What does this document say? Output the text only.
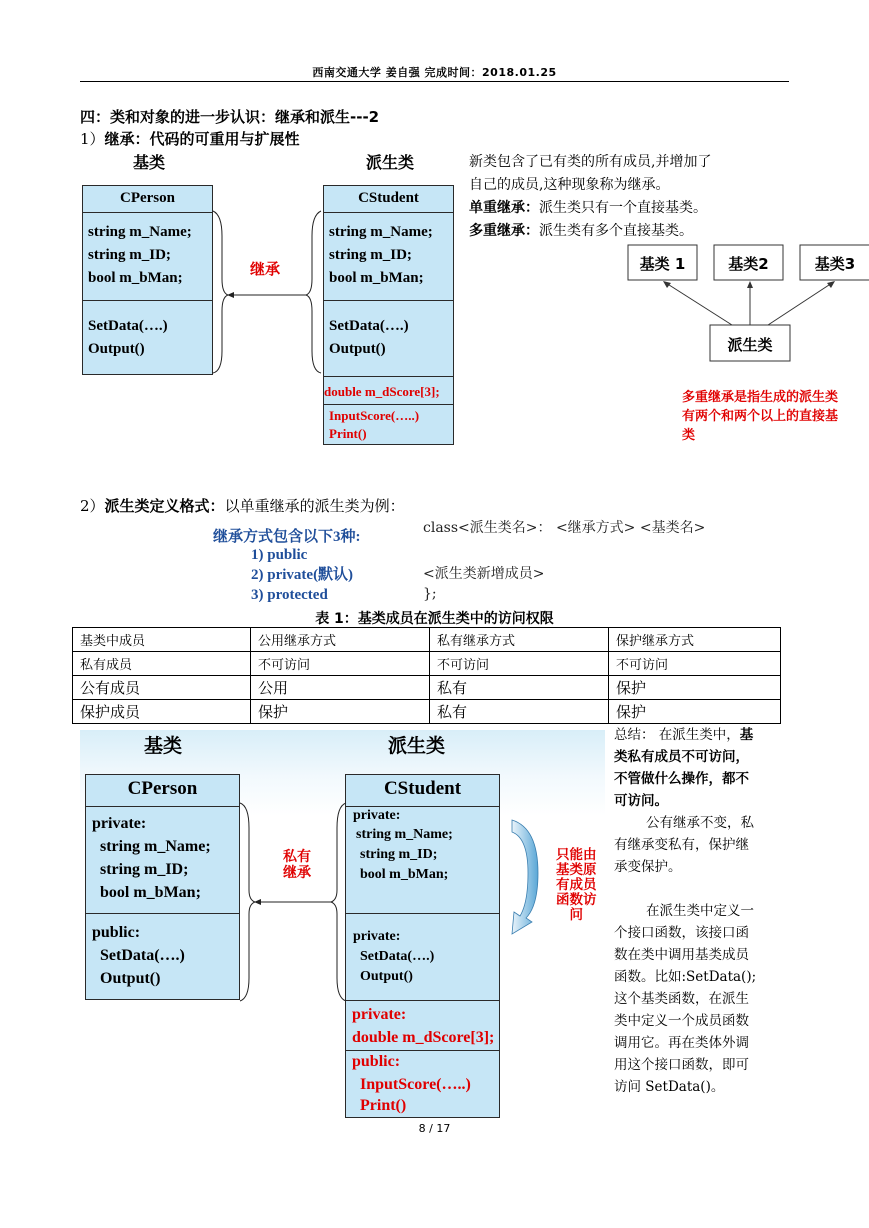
西南交通大学 姜自强 完成时间：2018.01.25
四：类和对象的进一步认识：继承和派生---2
1）继承：代码的可重用与扩展性
基类	派生类
CPerson
string m_Name;
string m_ID;
bool m_bMan;
SetData(….)
Output()
CStudent
string m_Name;
string m_ID;
bool m_bMan;
SetData(….)
Output()
double m_dScore[3];
InputScore(…..)
Print()
继承
新类包含了已有类的所有成员,并增加了
自己的成员,这种现象称为继承。
单重继承：派生类只有一个直接基类。
多重继承：派生类有多个直接基类。
基类 1	基类2	基类3
派生类
多重继承是指生成的派生类
有两个和两个以上的直接基
类
2）派生类定义格式：以单重继承的派生类为例：
继承方式包含以下3种:
1) public
2) private(默认)
3) protected
class<派生类名>： <继承方式> <基类名>
<派生类新增成员>
};
表 1：基类成员在派生类中的访问权限
基类中成员	公用继承方式	私有继承方式	保护继承方式
私有成员	不可访问	不可访问	不可访问
公有成员	公用	私有	保护
保护成员	保护	私有	保护
基类	派生类
CPerson
private:
string m_Name;
string m_ID;
bool m_bMan;
public:
SetData(….)
Output()
CStudent
private:
string m_Name;
string m_ID;
bool m_bMan;
private:
SetData(….)
Output()
private:
double m_dScore[3];
public:
InputScore(…..)
Print()
私有
继承
只能由
基类原
有成员
函数访
问
总结： 在派生类中，基
类私有成员不可访问，
不管做什么操作，都不
可访问。
公有继承不变，私
有继承变私有，保护继
承变保护。
在派生类中定义一
个接口函数，该接口函
数在类中调用基类成员
函数。比如:SetData();
这个基类函数，在派生
类中定义一个成员函数
调用它。再在类体外调
用这个接口函数，即可
访问 SetData()。
8 / 17
